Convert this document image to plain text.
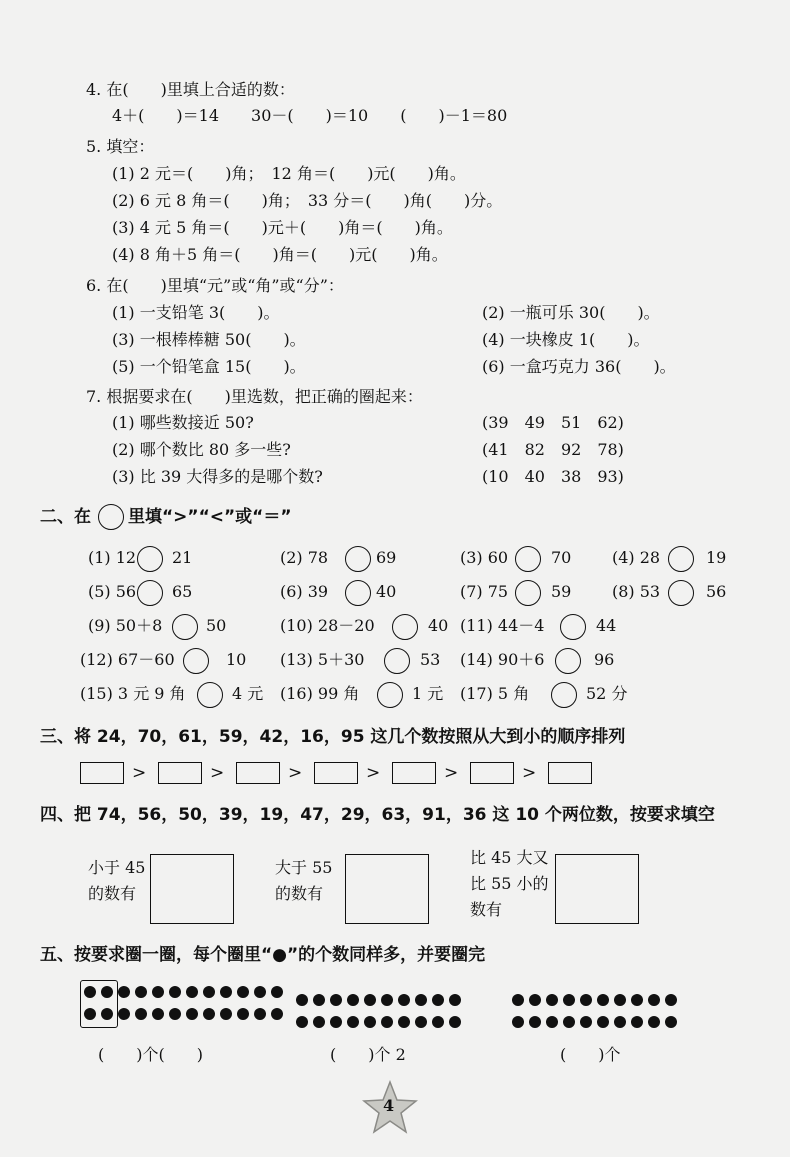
4. 在(　　)里填上合适的数：
4＋(　　)＝14　　30－(　　)＝10　　(　　)－1＝80
5. 填空：
(1) 2 元＝(　　)角；　12 角＝(　　)元(　　)角。
(2) 6 元 8 角＝(　　)角；　33 分＝(　　)角(　　)分。
(3) 4 元 5 角＝(　　)元＋(　　)角＝(　　)角。
(4) 8 角＋5 角＝(　　)角＝(　　)元(　　)角。
6. 在(　　)里填“元”或“角”或“分”：
(1) 一支铅笔 3(　　)。	(2) 一瓶可乐 30(　　)。
(3) 一根棒棒糖 50(　　)。	(4) 一块橡皮 1(　　)。
(5) 一个铅笔盒 15(　　)。	(6) 一盒巧克力 36(　　)。
7. 根据要求在(　　)里选数，把正确的圈起来：
(1) 哪些数接近 50?	(39　49　51　62)
(2) 哪个数比 80 多一些?	(41　82　92　78)
(3) 比 39 大得多的是哪个数?	(10　40　38　93)
二、在 里填“>”“<”或“＝”
(1) 12 21	(2) 78	69	(3) 60	70	(4) 28	19
(5) 56 65	(6) 39	40	(7) 75	59	(8) 53	56
(9) 50＋8	50	(10) 28－20	40 (11) 44－4	44
(12) 67－60	10 (13) 5＋30	53 (14) 90＋6	96
(15) 3 元 9 角	4 元 (16) 99 角	1 元 (17) 5 角	52 分
三、将 24，70，61，59，42，16，95 这几个数按照从大到小的顺序排列
>	>	>	>	>	>
四、把 74，56，50，39，19，47，29，63，91，36 这 10 个两位数，按要求填空
小于 45
的数有
大于 55
的数有
比 45 大又
比 55 小的
数有
五、按要求圈一圈，每个圈里“●”的个数同样多，并要圈完
(　　)个(　　)	(　　)个 2	(　　)个
4
